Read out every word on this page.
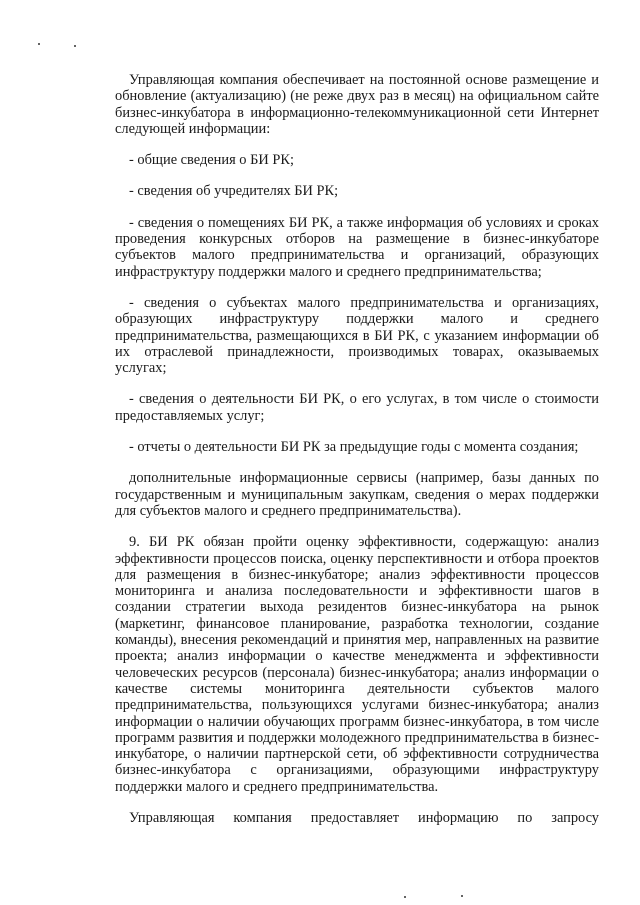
Управляющая компания обеспечивает на постоянной основе размещение и обновление (актуализацию) (не реже двух раз в месяц) на официальном сайте бизнес-инкубатора в информационно-телекоммуникационной сети Интернет следующей информации:

- общие сведения о БИ РК;

- сведения об учредителях БИ РК;

- сведения о помещениях БИ РК, а также информация об условиях и сроках проведения конкурсных отборов на размещение в бизнес-инкубаторе субъектов малого предпринимательства и организаций, образующих инфраструктуру поддержки малого и среднего предпринимательства;

- сведения о субъектах малого предпринимательства и организациях, образующих инфраструктуру поддержки малого и среднего предпринимательства, размещающихся в БИ РК, с указанием информации об их отраслевой принадлежности, производимых товарах, оказываемых услугах;

- сведения о деятельности БИ РК, о его услугах, в том числе о стоимости предоставляемых услуг;

- отчеты о деятельности БИ РК за предыдущие годы с момента создания;

дополнительные информационные сервисы (например, базы данных по государственным и муниципальным закупкам, сведения о мерах поддержки для субъектов малого и среднего предпринимательства).

9. БИ РК обязан пройти оценку эффективности, содержащую: анализ эффективности процессов поиска, оценку перспективности и отбора проектов для размещения в бизнес-инкубаторе; анализ эффективности процессов мониторинга и анализа последовательности и эффективности шагов в создании стратегии выхода резидентов бизнес-инкубатора на рынок (маркетинг, финансовое планирование, разработка технологии, создание команды), внесения рекомендаций и принятия мер, направленных на развитие проекта; анализ информации о качестве менеджмента и эффективности человеческих ресурсов (персонала) бизнес-инкубатора; анализ информации о качестве системы мониторинга деятельности субъектов малого предпринимательства, пользующихся услугами бизнес-инкубатора; анализ информации о наличии обучающих программ бизнес-инкубатора, в том числе программ развития и поддержки молодежного предпринимательства в бизнес-инкубаторе, о наличии партнерской сети, об эффективности сотрудничества бизнес-инкубатора с организациями, образующими инфраструктуру поддержки малого и среднего предпринимательства.

Управляющая компания предоставляет информацию по запросу
